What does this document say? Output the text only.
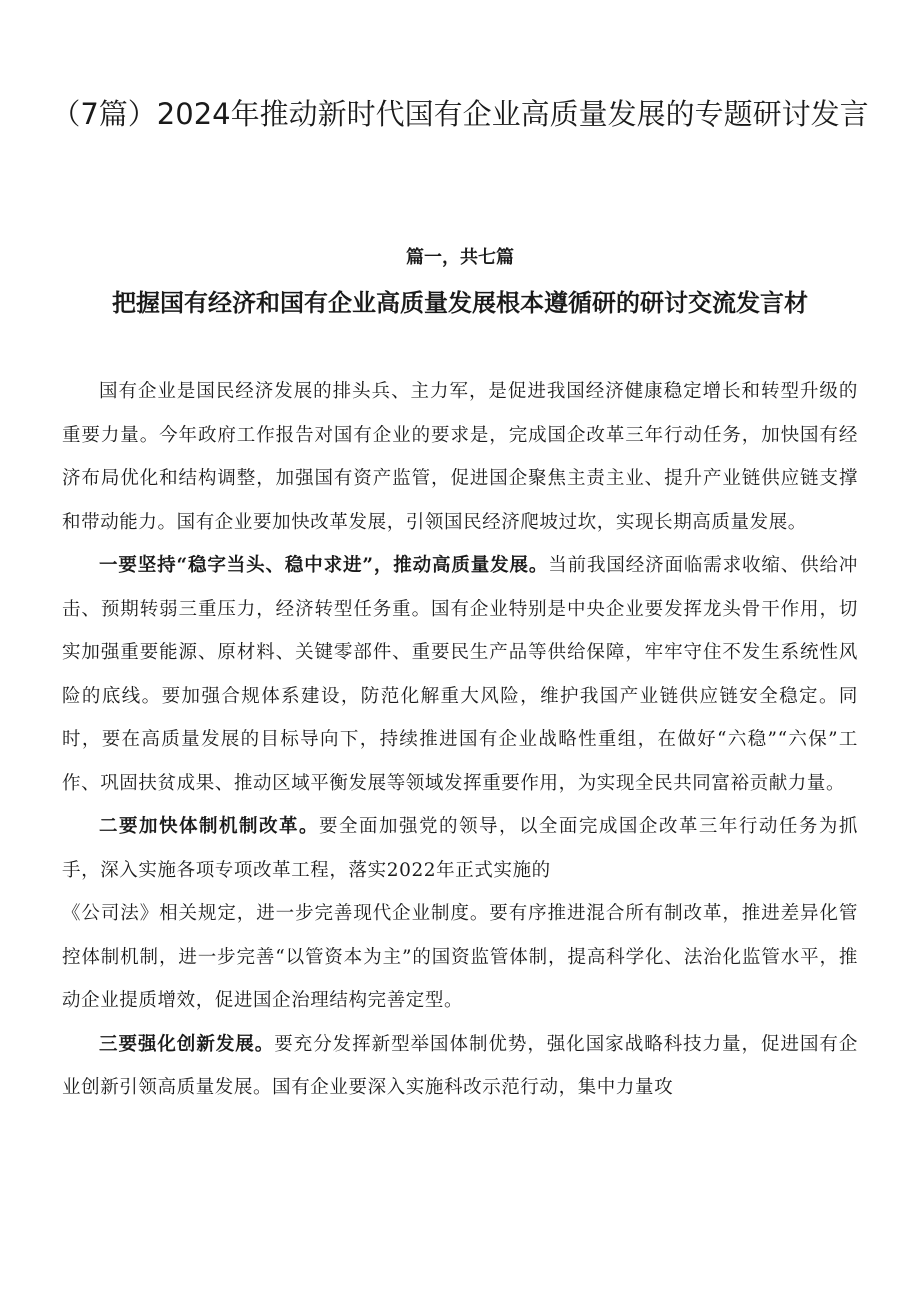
（7篇）2024年推动新时代国有企业高质量发展的专题研讨发言
篇一，共七篇
把握国有经济和国有企业高质量发展根本遵循研的研讨交流发言材

国有企业是国民经济发展的排头兵、主力军，是促进我国经济健康稳定增长和转型升级的重要力量。今年政府工作报告对国有企业的要求是，完成国企改革三年行动任务，加快国有经济布局优化和结构调整，加强国有资产监管，促进国企聚焦主责主业、提升产业链供应链支撑和带动能力。国有企业要加快改革发展，引领国民经济爬坡过坎，实现长期高质量发展。

一要坚持“稳字当头、稳中求进”，推动高质量发展。当前我国经济面临需求收缩、供给冲击、预期转弱三重压力，经济转型任务重。国有企业特别是中央企业要发挥龙头骨干作用，切实加强重要能源、原材料、关键零部件、重要民生产品等供给保障，牢牢守住不发生系统性风险的底线。要加强合规体系建设，防范化解重大风险，维护我国产业链供应链安全稳定。同时，要在高质量发展的目标导向下，持续推进国有企业战略性重组，在做好“六稳”“六保”工作、巩固扶贫成果、推动区域平衡发展等领域发挥重要作用，为实现全民共同富裕贡献力量。

二要加快体制机制改革。要全面加强党的领导，以全面完成国企改革三年行动任务为抓手，深入实施各项专项改革工程，落实2022年正式实施的

《公司法》相关规定，进一步完善现代企业制度。要有序推进混合所有制改革，推进差异化管控体制机制，进一步完善“以管资本为主”的国资监管体制，提高科学化、法治化监管水平，推动企业提质增效，促进国企治理结构完善定型。

三要强化创新发展。要充分发挥新型举国体制优势，强化国家战略科技力量，促进国有企业创新引领高质量发展。国有企业要深入实施科改示范行动，集中力量攻
